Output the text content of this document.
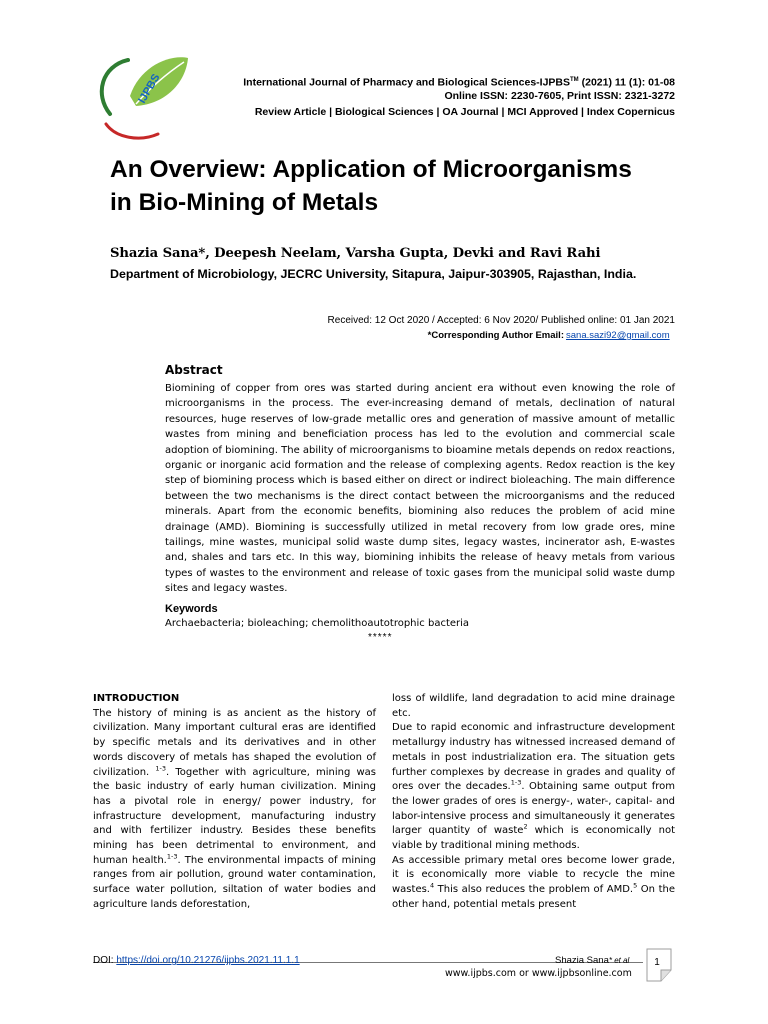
IJPBS	International Journal of Pharmacy and Biological Sciences-IJPBS™ (2021) 11 (1): 01-08
Online ISSN: 2230-7605, Print ISSN: 2321-3272
Review Article | Biological Sciences | OA Journal | MCI Approved | Index Copernicus
An Overview: Application of Microorganisms
in Bio-Mining of Metals
Shazia Sana*, Deepesh Neelam, Varsha Gupta, Devki and Ravi Rahi
Department of Microbiology, JECRC University, Sitapura, Jaipur-303905, Rajasthan, India.
Received: 12 Oct 2020 / Accepted: 6 Nov 2020/ Published online: 01 Jan 2021
*Corresponding Author Email: sana.sazi92@gmail.com
Abstract
Biomining of copper from ores was started during ancient era without even knowing the role of microorganisms in the process. The ever-increasing demand of metals, declination of natural resources, huge reserves of low-grade metallic ores and generation of massive amount of metallic wastes from mining and beneficiation process has led to the evolution and commercial scale adoption of biomining. The ability of microorganisms to bioamine metals depends on redox reactions, organic or inorganic acid formation and the release of complexing agents. Redox reaction is the key step of biomining process which is based either on direct or indirect bioleaching. The main difference between the two mechanisms is the direct contact between the microorganisms and the reduced minerals. Apart from the economic benefits, biomining also reduces the problem of acid mine drainage (AMD). Biomining is successfully utilized in metal recovery from low grade ores, mine tailings, mine wastes, municipal solid waste dump sites, legacy wastes, incinerator ash, E-wastes and, shales and tars etc. In this way, biomining inhibits the release of heavy metals from various types of wastes to the environment and release of toxic gases from the municipal solid waste dump sites and legacy wastes.
Keywords
Archaebacteria; bioleaching; chemolithoautotrophic bacteria
*****

INTRODUCTION

The history of mining is as ancient as the history of civilization. Many important cultural eras are identified by specific metals and its derivatives and in other words discovery of metals has shaped the evolution of civilization. $^{1-3}$. Together with agriculture, mining was the basic industry of early human civilization. Mining has a pivotal role in energy/ power industry, for infrastructure development, manufacturing industry and with fertilizer industry. Besides these benefits mining has been detrimental to environment, and human health.$^{1-3}$. The environmental impacts of mining ranges from air pollution, ground water contamination, surface water pollution, siltation of water bodies and agriculture lands deforestation,

loss of wildlife, land degradation to acid mine drainage etc.

Due to rapid economic and infrastructure development metallurgy industry has witnessed increased demand of metals in post industrialization era. The situation gets further complexes by decrease in grades and quality of ores over the decades.$^{1-3}$. Obtaining same output from the lower grades of ores is energy-, water-, capital- and labor-intensive process and simultaneously it generates larger quantity of waste$^2$ which is economically not viable by traditional mining methods.

As accessible primary metal ores become lower grade, it is economically more viable to recycle the mine wastes.$^4$ This also reduces the problem of AMD.$^5$ On the other hand, potential metals present

DOI: https://doi.org/10.21276/ijpbs.2021.11.1.1	Shazia Sana* et al
www.ijpbs.com or www.ijpbsonline.com
1
